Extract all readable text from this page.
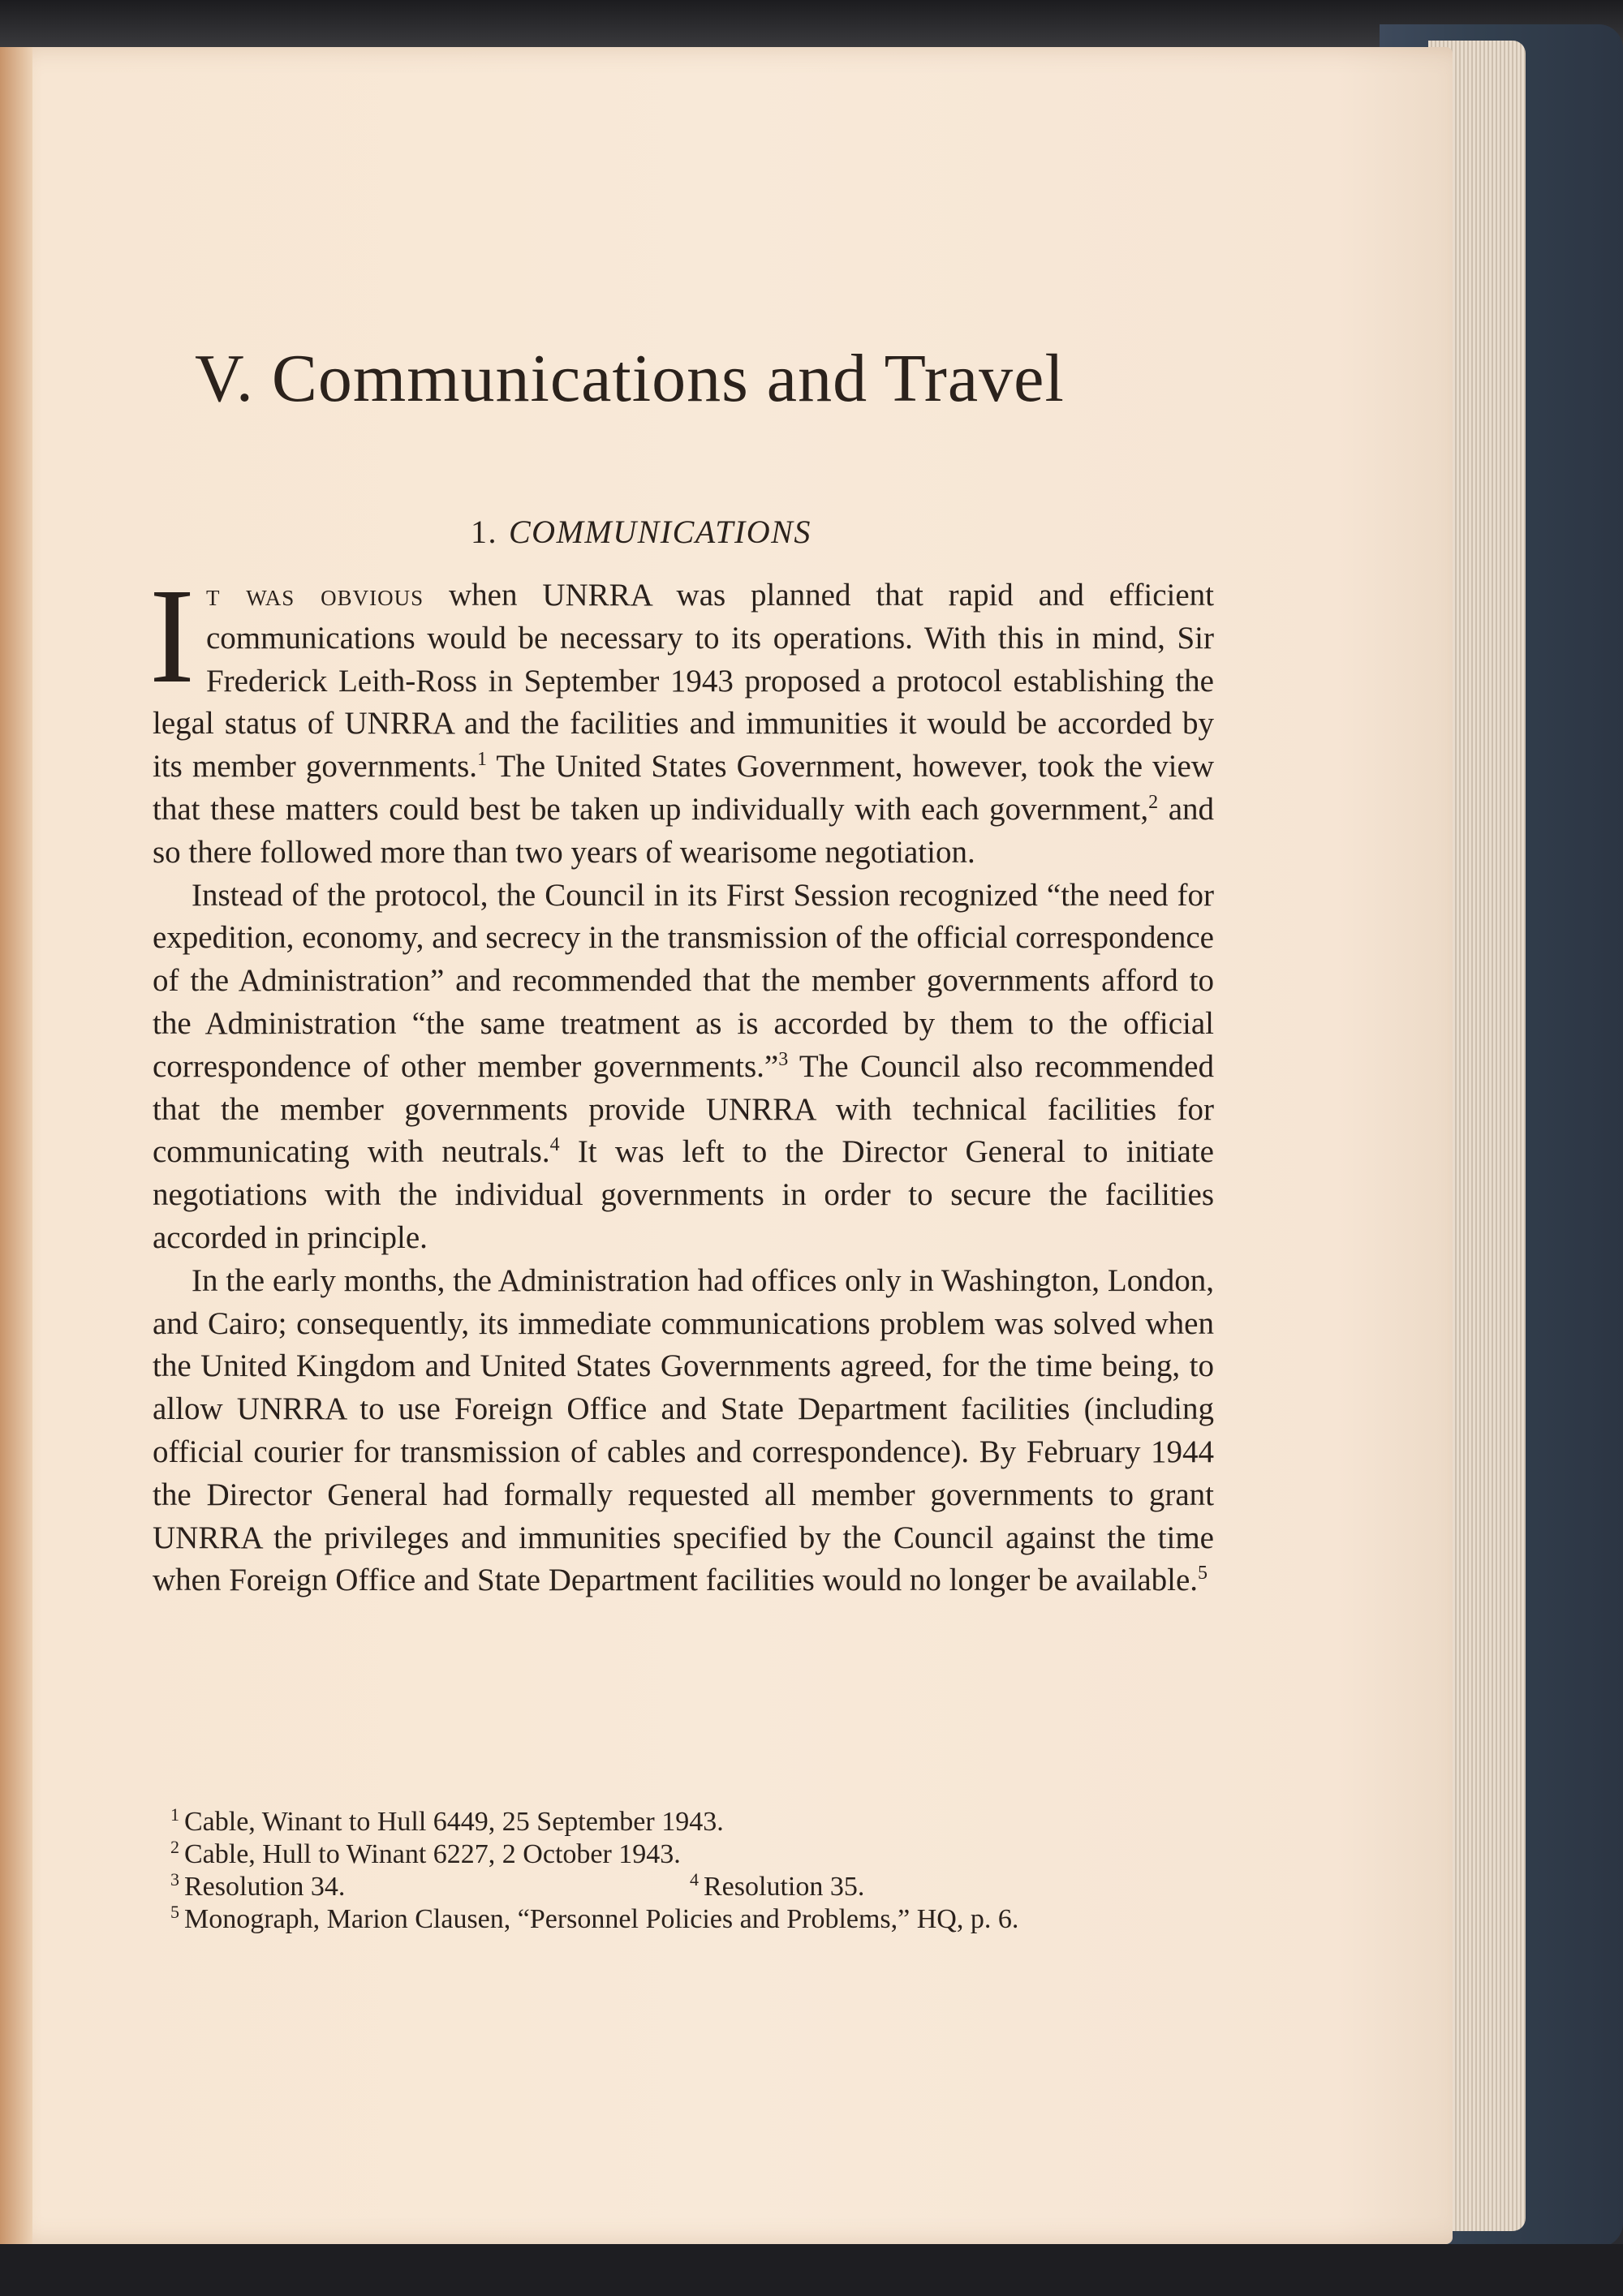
V. Communications and Travel
1. COMMUNICATIONS

It was obvious when UNRRA was planned that rapid and efficient communications would be necessary to its operations. With this in mind, Sir Frederick Leith-Ross in September 1943 proposed a protocol establishing the legal status of UNRRA and the facilities and immunities it would be accorded by its member governments.$^1$ The United States Government, however, took the view that these matters could best be taken up individually with each government,$^2$ and so there followed more than two years of wearisome negotiation.

Instead of the protocol, the Council in its First Session recognized “the need for expedition, economy, and secrecy in the transmission of the official correspondence of the Administration” and recommended that the member governments afford to the Administration “the same treatment as is accorded by them to the official correspondence of other member governments.”$^3$ The Council also recommended that the member governments provide UNRRA with technical facilities for communicating with neutrals.$^4$ It was left to the Director General to initiate negotiations with the individual governments in order to secure the facilities accorded in principle.

In the early months, the Administration had offices only in Washington, London, and Cairo; consequently, its immediate communications problem was solved when the United Kingdom and United States Governments agreed, for the time being, to allow UNRRA to use Foreign Office and State Department facilities (including official courier for transmission of cables and correspondence). By February 1944 the Director General had formally requested all member governments to grant UNRRA the privileges and immunities specified by the Council against the time when Foreign Office and State Department facilities would no longer be available.$^5$

$^1$ Cable, Winant to Hull 6449, 25 September 1943.
$^2$ Cable, Hull to Winant 6227, 2 October 1943.
$^3$ Resolution 34.	$^4$ Resolution 35.
$^5$ Monograph, Marion Clausen, “Personnel Policies and Problems,” HQ, p. 6.
